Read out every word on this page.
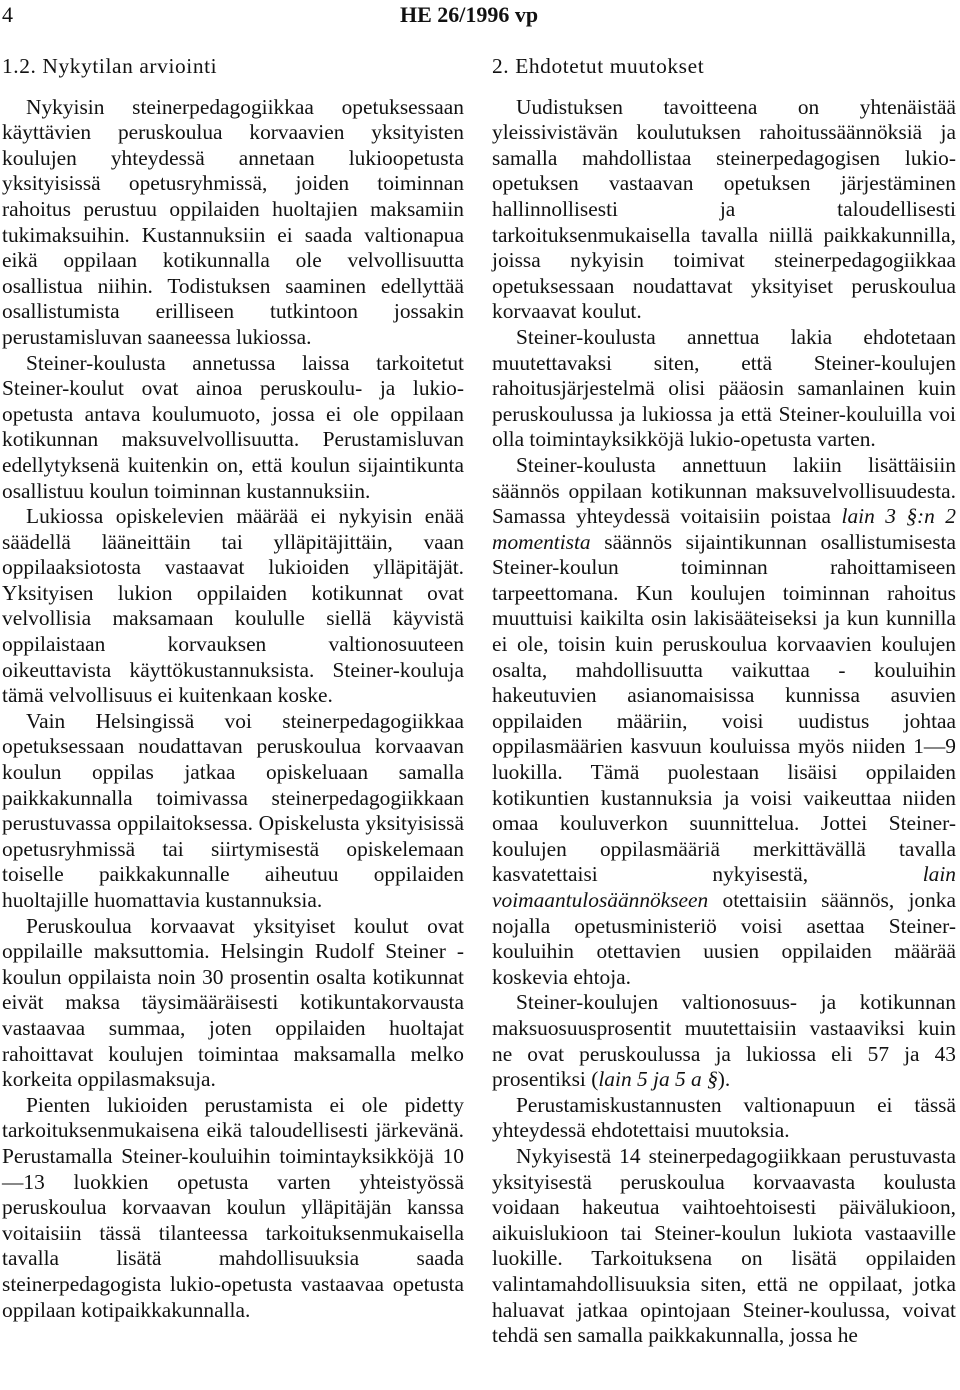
4	HE 26/1996 vp
1.2. Nykytilan arviointi

Nykyisin steinerpedagogiikkaa opetuksessaan käyttävien peruskoulua korvaavien yksityisten koulujen yhteydessä annetaan lukioopetusta yksityisissä opetusryhmissä, joiden toiminnan rahoitus perustuu oppilaiden huoltajien maksamiin tukimaksuihin. Kustannuksiin ei saada valtionapua eikä oppilaan kotikunnalla ole velvollisuutta osallistua niihin. Todistuksen saaminen edellyttää osallistumista erilliseen tutkintoon jossakin perustamisluvan saaneessa lukiossa.

Steiner-koulusta annetussa laissa tarkoitetut Steiner-koulut ovat ainoa peruskoulu- ja lukio-opetusta antava koulumuoto, jossa ei ole oppilaan kotikunnan maksuvelvollisuutta. Perustamisluvan edellytyksenä kuitenkin on, että koulun sijaintikunta osallistuu koulun toiminnan kustannuksiin.

Lukiossa opiskelevien määrää ei nykyisin enää säädellä lääneittäin tai ylläpitäjittäin, vaan oppilaaksiotosta vastaavat lukioiden ylläpitäjät. Yksityisen lukion oppilaiden kotikunnat ovat velvollisia maksamaan koululle siellä käyvistä oppilaistaan korvauksen valtionosuuteen oikeuttavista käyttökustannuksista. Steiner-kouluja tämä velvollisuus ei kuitenkaan koske.

Vain Helsingissä voi steinerpedagogiikkaa opetuksessaan noudattavan peruskoulua korvaavan koulun oppilas jatkaa opiskeluaan samalla paikkakunnalla toimivassa steinerpedagogiikkaan perustuvassa oppilaitoksessa. Opiskelusta yksityisissä opetusryhmissä tai siirtymisestä opiskelemaan toiselle paikkakunnalle aiheutuu oppilaiden huoltajille huomattavia kustannuksia.

Peruskoulua korvaavat yksityiset koulut ovat oppilaille maksuttomia. Helsingin Rudolf Steiner -koulun oppilaista noin 30 prosentin osalta kotikunnat eivät maksa täysimääräisesti kotikuntakorvausta vastaavaa summaa, joten oppilaiden huoltajat rahoittavat koulujen toimintaa maksamalla melko korkeita oppilasmaksuja.

Pienten lukioiden perustamista ei ole pidetty tarkoituksenmukaisena eikä taloudellisesti järkevänä. Perustamalla Steiner-kouluihin toimintayksikköjä 10—13 luokkien opetusta varten yhteistyössä peruskoulua korvaavan koulun ylläpitäjän kanssa voitaisiin tässä tilanteessa tarkoituksenmukaisella tavalla lisätä mahdollisuuksia saada steinerpedagogista lukio-opetusta vastaavaa opetusta oppilaan kotipaikkakunnalla.

2. Ehdotetut muutokset

Uudistuksen tavoitteena on yhtenäistää yleissivistävän koulutuksen rahoitussäännöksiä ja samalla mahdollistaa steinerpedagogisen lukio-opetuksen vastaavan opetuksen järjestäminen hallinnollisesti ja taloudellisesti tarkoituksenmukaisella tavalla niillä paikkakunnilla, joissa nykyisin toimivat steinerpedagogiikkaa opetuksessaan noudattavat yksityiset peruskoulua korvaavat koulut.

Steiner-koulusta annettua lakia ehdotetaan muutettavaksi siten, että Steiner-koulujen rahoitusjärjestelmä olisi pääosin samanlainen kuin peruskoulussa ja lukiossa ja että Steiner-kouluilla voi olla toimintayksikköjä lukio-opetusta varten.

Steiner-koulusta annettuun lakiin lisättäisiin säännös oppilaan kotikunnan maksuvelvollisuudesta. Samassa yhteydessä voitaisiin poistaa lain 3 §:n 2 momentista säännös sijaintikunnan osallistumisesta Steiner-koulun toiminnan rahoittamiseen tarpeettomana. Kun koulujen toiminnan rahoitus muuttuisi kaikilta osin lakisääteiseksi ja kun kunnilla ei ole, toisin kuin peruskoulua korvaavien koulujen osalta, mahdollisuutta vaikuttaa - kouluihin hakeutuvien asianomaisissa kunnissa asuvien oppilaiden määriin, voisi uudistus johtaa oppilasmäärien kasvuun kouluissa myös niiden 1—9 luokilla. Tämä puolestaan lisäisi oppilaiden kotikuntien kustannuksia ja voisi vaikeuttaa niiden omaa kouluverkon suunnittelua. Jottei Steiner-koulujen oppilasmääriä merkittävällä tavalla kasvatettaisi nykyisestä, lain voimaantulosäännökseen otettaisiin säännös, jonka nojalla opetusministeriö voisi asettaa Steiner-kouluihin otettavien uusien oppilaiden määrää koskevia ehtoja.

Steiner-koulujen valtionosuus- ja kotikunnan maksuosuusprosentit muutettaisiin vastaaviksi kuin ne ovat peruskoulussa ja lukiossa eli 57 ja 43 prosentiksi (lain 5 ja 5 a §).

Perustamiskustannusten valtionapuun ei tässä yhteydessä ehdotettaisi muutoksia.

Nykyisestä 14 steinerpedagogiikkaan perustuvasta yksityisestä peruskoulua korvaavasta koulusta voidaan hakeutua vaihtoehtoisesti päivälukioon, aikuislukioon tai Steiner-koulun lukiota vastaaville luokille. Tarkoituksena on lisätä oppilaiden valintamahdollisuuksia siten, että ne oppilaat, jotka haluavat jatkaa opintojaan Steiner-koulussa, voivat tehdä sen samalla paikkakunnalla, jossa he
